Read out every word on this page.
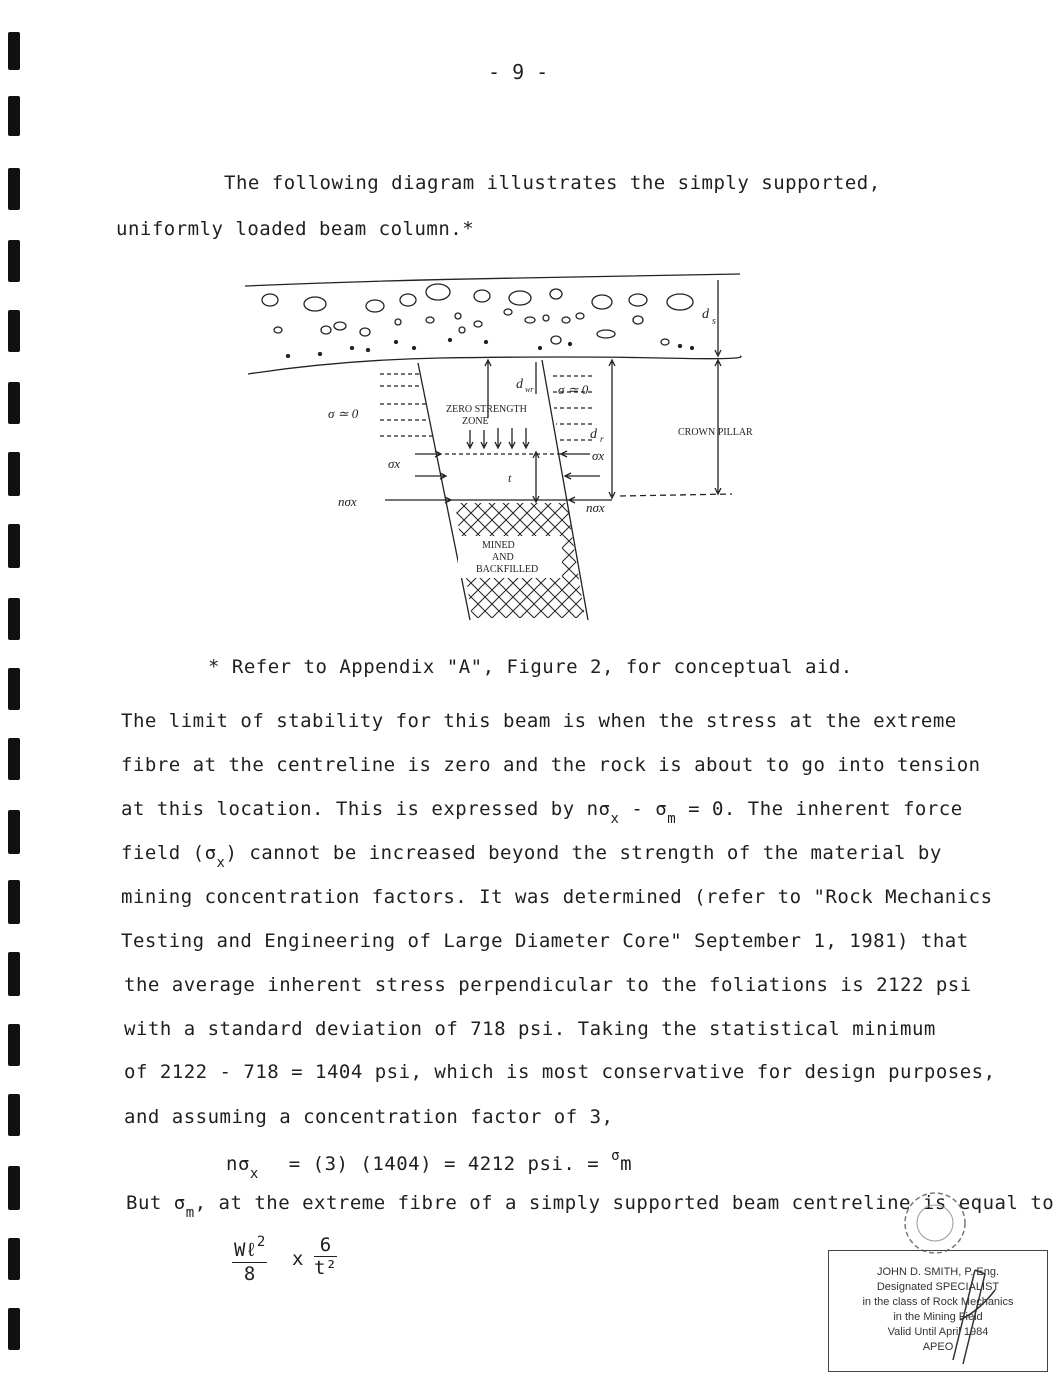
- 9 -
The following diagram illustrates the simply supported,
uniformly loaded beam column.*
d s
MINED
AND
BACKFILLED
ZERO STRENGTH
ZONE
d wr
t
σ ≃ 0
σx
nσx
σ ≃ 0
σx
nσx
d r
CROWN PILLAR
* Refer to Appendix "A", Figure 2, for conceptual aid.
The limit of stability for this beam is when the stress at the extreme
fibre at the centreline is zero and the rock is about to go into tension
at this location. This is expressed by $n\sigma_x - \sigma_m = 0$. The inherent force
field $(\sigma_x)$ cannot be increased beyond the strength of the material by
mining concentration factors. It was determined (refer to "Rock Mechanics
Testing and Engineering of Large Diameter Core" September 1, 1981) that
the average inherent stress perpendicular to the foliations is 2122 psi
with a standard deviation of 718 psi. Taking the statistical minimum
of 2122 - 718 = 1404 psi, which is most conservative for design purposes,
and assuming a concentration factor of 3,
$n\sigma_x = (3) (1404) = 4212$ psi. = $^\sigma$m
But $\sigma_m$, at the extreme fibre of a simply supported beam centreline is equal to
Wℓ$^2$
8
x
6
t²	JOHN D. SMITH, P. Eng.
Designated SPECIALIST
in the class of Rock Mechanics
in the Mining Field
Valid Until April 1984
APEO
